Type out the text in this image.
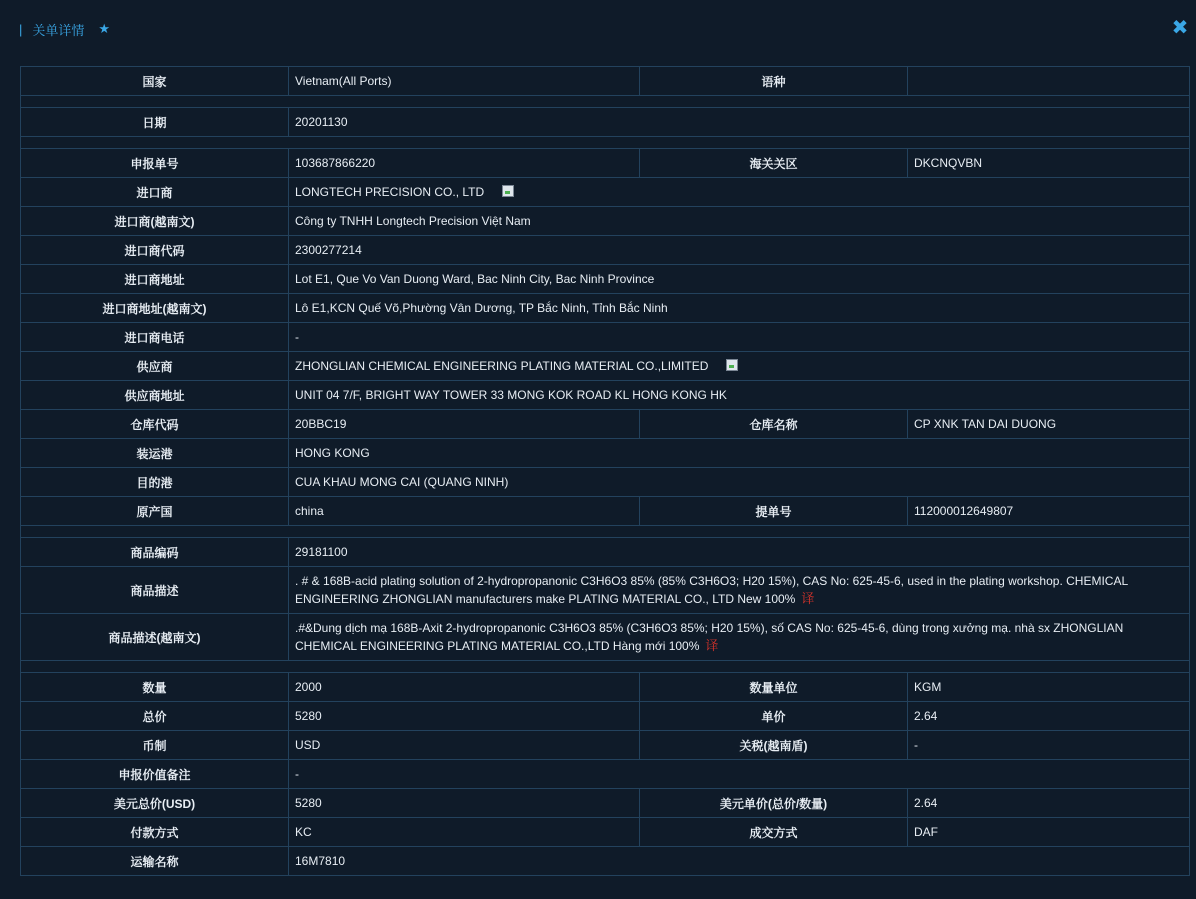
| 关单详情 ★	✖
国家	Vietnam(All Ports)	语种	

日期	20201130		

申报单号	103687866220	海关关区	DKCNQVBN
进口商	LONGTECH PRECISION CO., LTD		
进口商(越南文)	Công ty TNHH Longtech Precision Việt Nam		
进口商代码	2300277214		
进口商地址	Lot E1, Que Vo Van Duong Ward, Bac Ninh City, Bac Ninh Province		
进口商地址(越南文)	Lô E1,KCN Quế Võ,Phường Vân Dương, TP Bắc Ninh, Tỉnh Bắc Ninh		
进口商电话	-		
供应商	ZHONGLIAN CHEMICAL ENGINEERING PLATING MATERIAL CO.,LIMITED		
供应商地址	UNIT 04 7/F, BRIGHT WAY TOWER 33 MONG KOK ROAD KL HONG KONG HK		
仓库代码	20BBC19	仓库名称	CP XNK TAN DAI DUONG
装运港	HONG KONG		
目的港	CUA KHAU MONG CAI (QUANG NINH)		
原产国	china	提单号	112000012649807

商品编码	29181100		
商品描述	. # & 168B-acid plating solution of 2-hydropropanonic C3H6O3 85% (85% C3H6O3; H20 15%), CAS No: 625-45-6, used in the plating workshop. CHEMICAL ENGINEERING ZHONGLIAN manufacturers make PLATING MATERIAL CO., LTD New 100% 译		
商品描述(越南文)	.#&Dung dịch mạ 168B-Axit 2-hydropropanonic C3H6O3 85% (C3H6O3 85%; H20 15%), số CAS No: 625-45-6, dùng trong xưởng mạ. nhà sx ZHONGLIAN CHEMICAL ENGINEERING PLATING MATERIAL CO.,LTD Hàng mới 100% 译		

数量	2000	数量单位	KGM
总价	5280	单价	2.64
币制	USD	关税(越南盾)	-
申报价值备注	-		
美元总价(USD)	5280	美元单价(总价/数量)	2.64
付款方式	KC	成交方式	DAF
运输名称	16M7810		
